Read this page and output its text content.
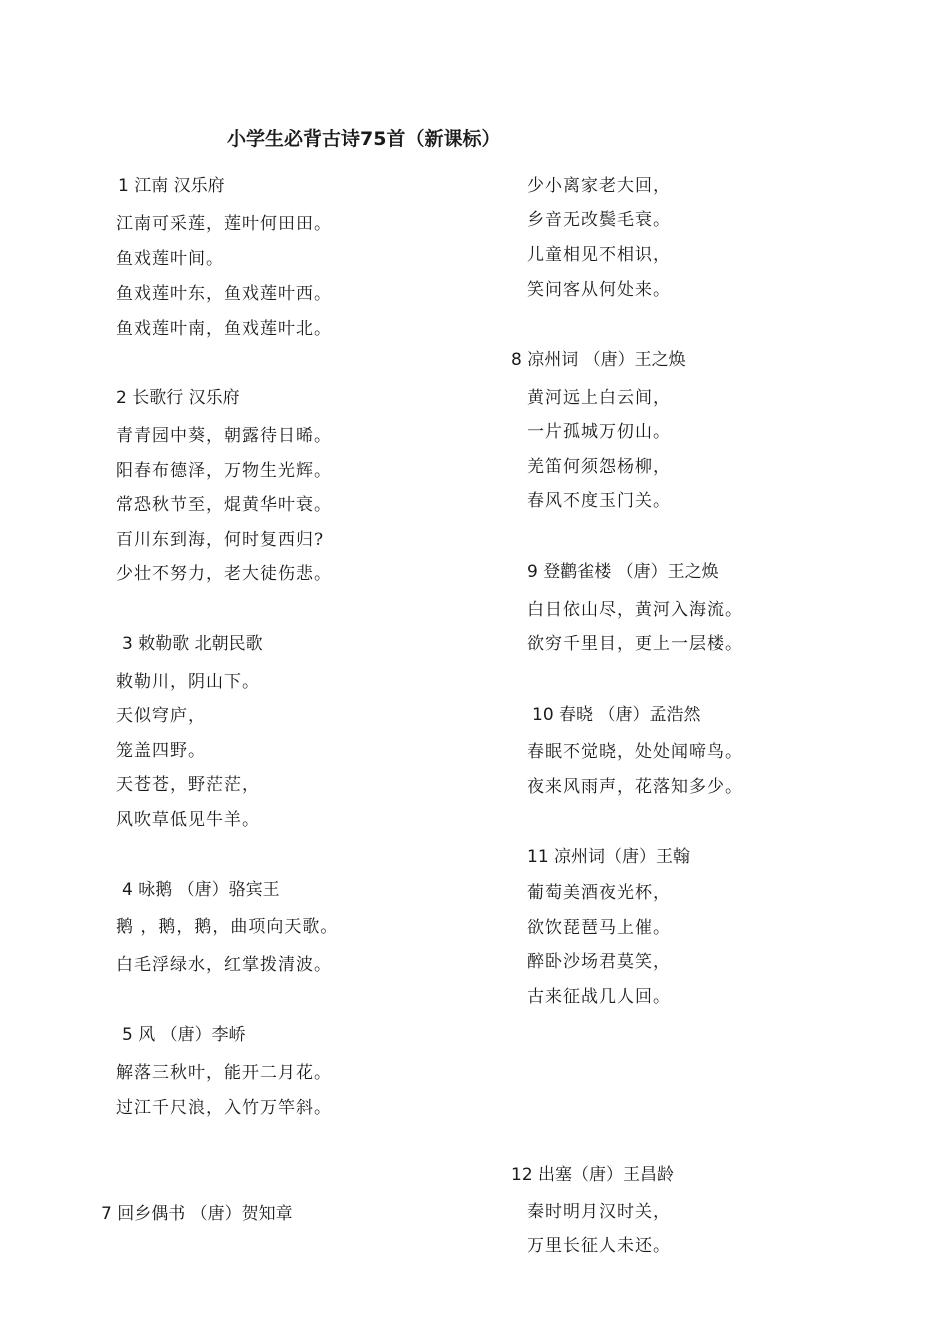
小学生必背古诗75首（新课标）
1 江南 汉乐府
江南可采莲，莲叶何田田。
鱼戏莲叶间。
鱼戏莲叶东，鱼戏莲叶西。
鱼戏莲叶南，鱼戏莲叶北。
2 长歌行 汉乐府
青青园中葵，朝露待日晞。
阳春布德泽，万物生光辉。
常恐秋节至，焜黄华叶衰。
百川东到海，何时复西归?
少壮不努力，老大徒伤悲。
3 敕勒歌 北朝民歌
敕勒川，阴山下。
天似穹庐，
笼盖四野。
天苍苍，野茫茫，
风吹草低见牛羊。
4 咏鹅 （唐）骆宾王
鹅 ，鹅，鹅，曲项向天歌。
白毛浮绿水，红掌拨清波。
5 风 （唐）李峤
解落三秋叶，能开二月花。
过江千尺浪，入竹万竿斜。
7 回乡偶书 （唐）贺知章
少小离家老大回，
乡音无改鬓毛衰。
儿童相见不相识，
笑问客从何处来。
8 凉州词 （唐）王之焕
黄河远上白云间，
一片孤城万仞山。
羌笛何须怨杨柳，
春风不度玉门关。
9 登鹳雀楼 （唐）王之焕
白日依山尽，黄河入海流。
欲穷千里目，更上一层楼。
10 春晓 （唐）孟浩然
春眠不觉晓，处处闻啼鸟。
夜来风雨声，花落知多少。
11 凉州词（唐）王翰
葡萄美酒夜光杯，
欲饮琵琶马上催。
醉卧沙场君莫笑，
古来征战几人回。
12 出塞（唐）王昌龄
秦时明月汉时关，
万里长征人未还。
